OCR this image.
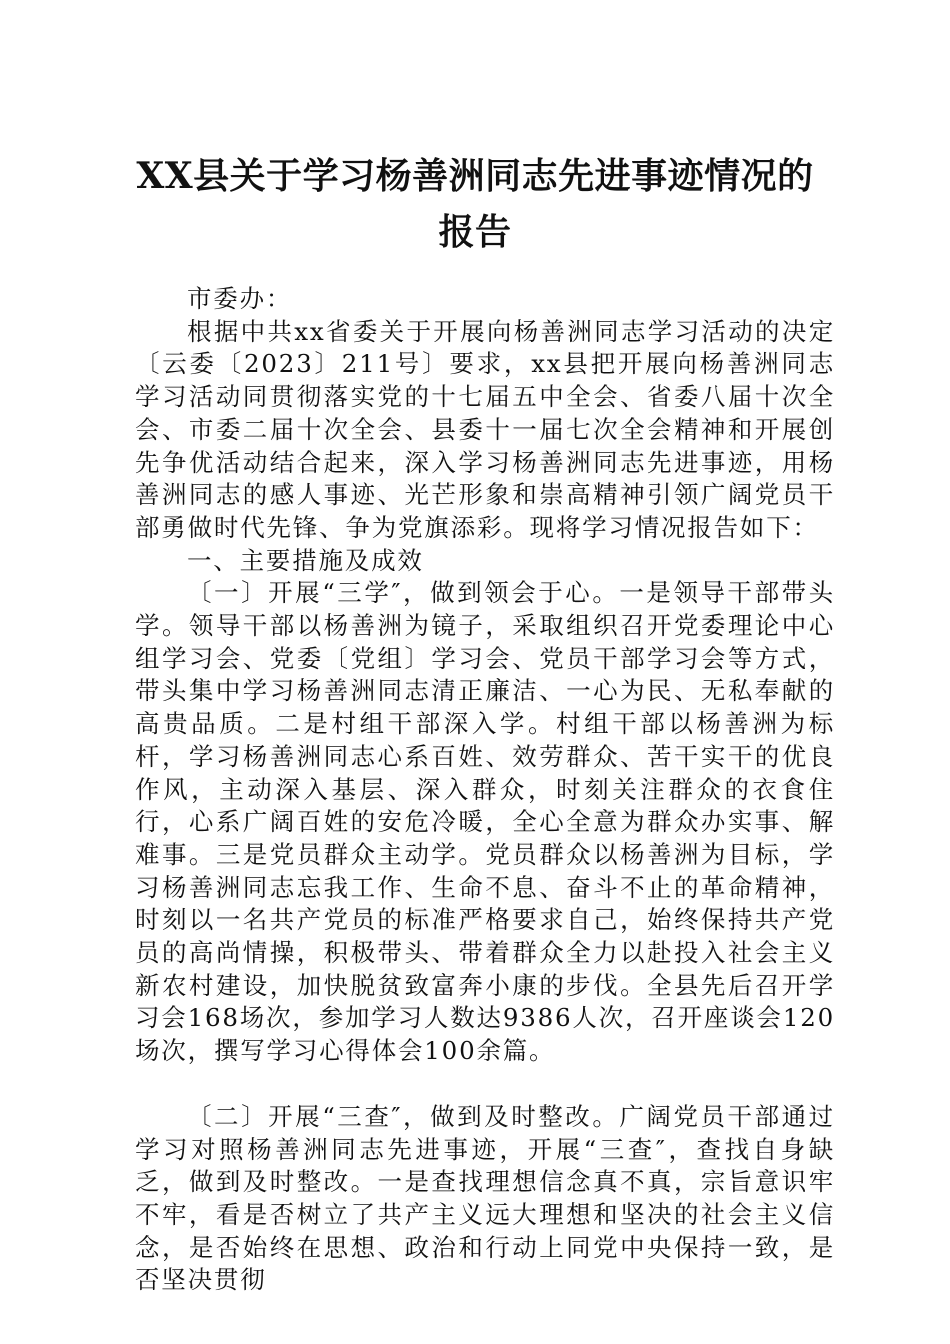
XX县关于学习杨善洲同志先进事迹情况的报告

市委办：

根据中共xx省委关于开展向杨善洲同志学习活动的决定〔云委〔2023〕211号〕要求，xx县把开展向杨善洲同志学习活动同贯彻落实党的十七届五中全会、省委八届十次全会、市委二届十次全会、县委十一届七次全会精神和开展创先争优活动结合起来，深入学习杨善洲同志先进事迹，用杨善洲同志的感人事迹、光芒形象和崇高精神引领广阔党员干部勇做时代先锋、争为党旗添彩。现将学习情况报告如下：

一、主要措施及成效

〔一〕开展“三学″，做到领会于心。一是领导干部带头学。领导干部以杨善洲为镜子，采取组织召开党委理论中心组学习会、党委〔党组〕学习会、党员干部学习会等方式，带头集中学习杨善洲同志清正廉洁、一心为民、无私奉献的高贵品质。二是村组干部深入学。村组干部以杨善洲为标杆，学习杨善洲同志心系百姓、效劳群众、苦干实干的优良作风，主动深入基层、深入群众，时刻关注群众的衣食住行，心系广阔百姓的安危冷暖，全心全意为群众办实事、解难事。三是党员群众主动学。党员群众以杨善洲为目标，学习杨善洲同志忘我工作、生命不息、奋斗不止的革命精神，时刻以一名共产党员的标准严格要求自己，始终保持共产党员的高尚情操，积极带头、带着群众全力以赴投入社会主义新农村建设，加快脱贫致富奔小康的步伐。全县先后召开学习会168场次，参加学习人数达9386人次，召开座谈会120场次，撰写学习心得体会100余篇。

〔二〕开展“三查″，做到及时整改。广阔党员干部通过学习对照杨善洲同志先进事迹，开展“三查″，查找自身缺乏，做到及时整改。一是查找理想信念真不真，宗旨意识牢不牢，看是否树立了共产主义远大理想和坚决的社会主义信念，是否始终在思想、政治和行动上同党中央保持一致，是否坚决贯彻
